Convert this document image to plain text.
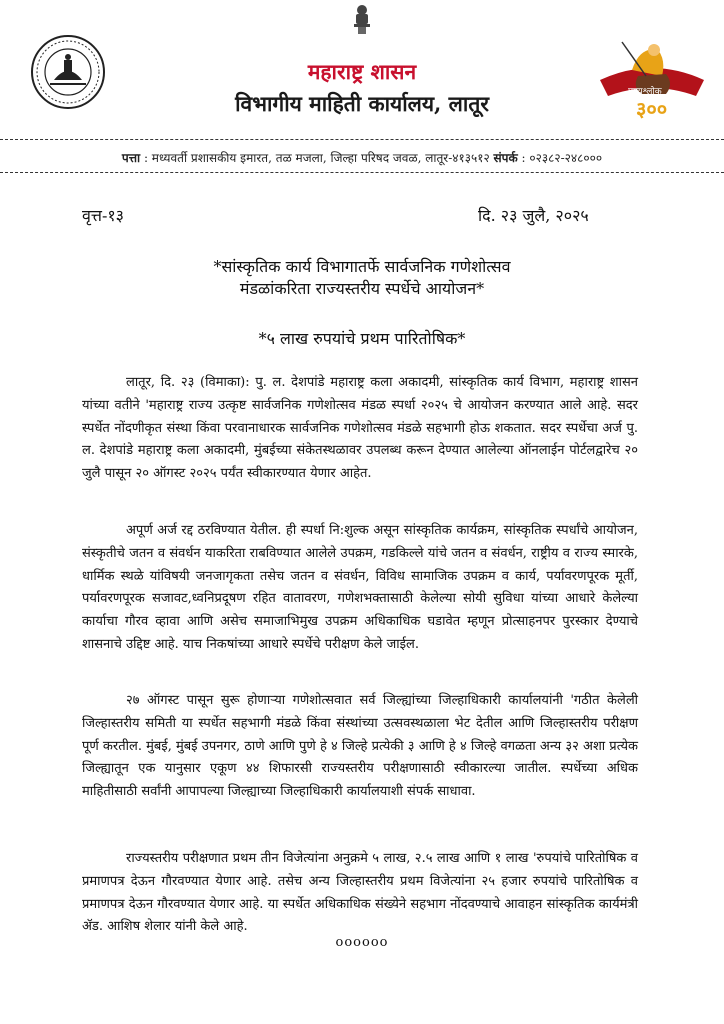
पुण्यश्लोक
३००
महाराष्ट्र शासन
विभागीय माहिती कार्यालय, लातूर
पत्ता : मध्यवर्ती प्रशासकीय इमारत, तळ मजला, जिल्हा परिषद जवळ, लातूर-४१३५१२ संपर्क : ०२३८२-२४८०००
वृत्त-१३	दि. २३ जुलै, २०२५
*सांस्कृतिक कार्य विभागातर्फे सार्वजनिक गणेशोत्सव
मंडळांकरिता राज्यस्तरीय स्पर्धेचे आयोजन*
*५ लाख रुपयांचे प्रथम पारितोषिक*

लातूर, दि. २३ (विमाका): पु. ल. देशपांडे महाराष्ट्र कला अकादमी, सांस्कृतिक कार्य विभाग, महाराष्ट्र शासन यांच्या वतीने 'महाराष्ट्र राज्य उत्कृष्ट सार्वजनिक गणेशोत्सव मंडळ स्पर्धा २०२५ चे आयोजन करण्यात आले आहे. सदर स्पर्धेत नोंदणीकृत संस्था किंवा परवानाधारक सार्वजनिक गणेशोत्सव मंडळे सहभागी होऊ शकतात. सदर स्पर्धेचा अर्ज पु. ल. देशपांडे महाराष्ट्र कला अकादमी, मुंबईच्या संकेतस्थळावर उपलब्ध करून देण्यात आलेल्या ऑनलाईन पोर्टलद्वारेच २० जुलै पासून २० ऑगस्ट २०२५ पर्यंत स्वीकारण्यात येणार आहेत.

अपूर्ण अर्ज रद्द ठरविण्यात येतील. ही स्पर्धा नि:शुल्क असून सांस्कृतिक कार्यक्रम, सांस्कृतिक स्पर्धांचे आयोजन, संस्कृतीचे जतन व संवर्धन याकरिता राबविण्यात आलेले उपक्रम, गडकिल्ले यांचे जतन व संवर्धन, राष्ट्रीय व राज्य स्मारके, धार्मिक स्थळे यांविषयी जनजागृकता तसेच जतन व संवर्धन, विविध सामाजिक उपक्रम व कार्य, पर्यावरणपूरक मूर्ती, पर्यावरणपूरक सजावट,ध्वनिप्रदूषण रहित वातावरण, गणेशभक्तासाठी केलेल्या सोयी सुविधा यांच्या आधारे केलेल्या कार्याचा गौरव व्हावा आणि असेच समाजाभिमुख उपक्रम अधिकाधिक घडावेत म्हणून प्रोत्साहनपर पुरस्कार देण्याचे शासनाचे उद्दिष्ट आहे. याच निकषांच्या आधारे स्पर्धेचे परीक्षण केले जाईल.

२७ ऑगस्ट पासून सुरू होणाऱ्या गणेशोत्सवात सर्व जिल्ह्यांच्या जिल्हाधिकारी कार्यालयांनी 'गठीत केलेली जिल्हास्तरीय समिती या स्पर्धेत सहभागी मंडळे किंवा संस्थांच्या उत्सवस्थळाला भेट देतील आणि जिल्हास्तरीय परीक्षण पूर्ण करतील. मुंबई, मुंबई उपनगर, ठाणे आणि पुणे हे ४ जिल्हे प्रत्येकी ३ आणि हे ४ जिल्हे वगळता अन्य ३२ अशा प्रत्येक जिल्ह्यातून एक यानुसार एकूण ४४ शिफारसी राज्यस्तरीय परीक्षणासाठी स्वीकारल्या जातील. स्पर्धेच्या अधिक माहितीसाठी सर्वांनी आपापल्या जिल्ह्याच्या जिल्हाधिकारी कार्यालयाशी संपर्क साधावा.

राज्यस्तरीय परीक्षणात प्रथम तीन विजेत्यांना अनुक्रमे ५ लाख, २.५ लाख आणि १ लाख 'रुपयांचे पारितोषिक व प्रमाणपत्र देऊन गौरवण्यात येणार आहे. तसेच अन्य जिल्हास्तरीय प्रथम विजेत्यांना २५ हजार रुपयांचे पारितोषिक व प्रमाणपत्र देऊन गौरवण्यात येणार आहे. या स्पर्धेत अधिकाधिक संख्येने सहभाग नोंदवण्याचे आवाहन सांस्कृतिक कार्यमंत्री ॲड. आशिष शेलार यांनी केले आहे.

oooooo
